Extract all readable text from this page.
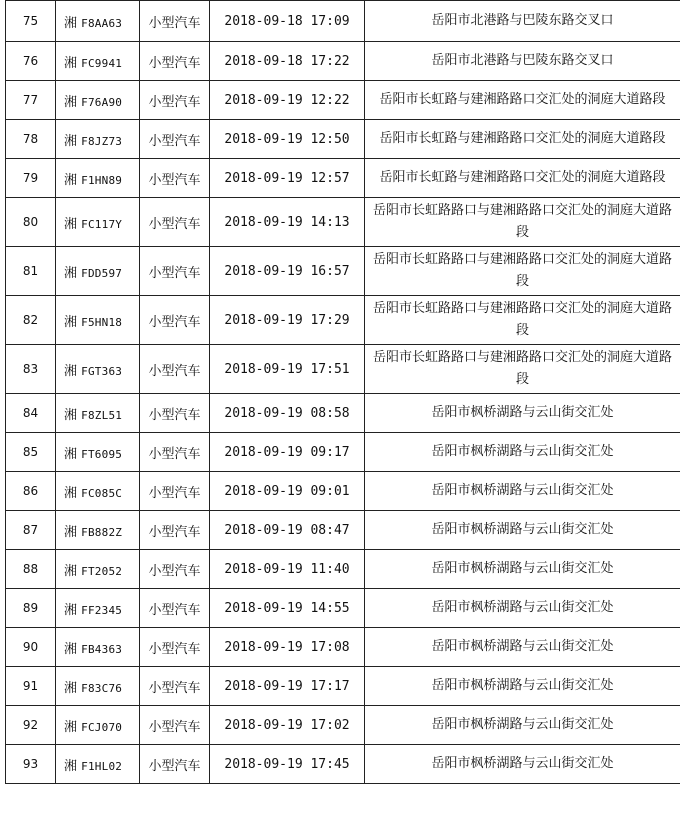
75	湘 F8AA63	小型汽车	2018-09-18 17:09	岳阳市北港路与巴陵东路交叉口
76	湘 FC9941	小型汽车	2018-09-18 17:22	岳阳市北港路与巴陵东路交叉口
77	湘 F76A90	小型汽车	2018-09-19 12:22	岳阳市长虹路与建湘路路口交汇处的洞庭大道路段
78	湘 F8JZ73	小型汽车	2018-09-19 12:50	岳阳市长虹路与建湘路路口交汇处的洞庭大道路段
79	湘 F1HN89	小型汽车	2018-09-19 12:57	岳阳市长虹路与建湘路路口交汇处的洞庭大道路段
80	湘 FC117Y	小型汽车	2018-09-19 14:13	岳阳市长虹路路口与建湘路路口交汇处的洞庭大道路段
81	湘 FDD597	小型汽车	2018-09-19 16:57	岳阳市长虹路路口与建湘路路口交汇处的洞庭大道路段
82	湘 F5HN18	小型汽车	2018-09-19 17:29	岳阳市长虹路路口与建湘路路口交汇处的洞庭大道路段
83	湘 FGT363	小型汽车	2018-09-19 17:51	岳阳市长虹路路口与建湘路路口交汇处的洞庭大道路段
84	湘 F8ZL51	小型汽车	2018-09-19 08:58	岳阳市枫桥湖路与云山街交汇处
85	湘 FT6095	小型汽车	2018-09-19 09:17	岳阳市枫桥湖路与云山街交汇处
86	湘 FC085C	小型汽车	2018-09-19 09:01	岳阳市枫桥湖路与云山街交汇处
87	湘 FB882Z	小型汽车	2018-09-19 08:47	岳阳市枫桥湖路与云山街交汇处
88	湘 FT2052	小型汽车	2018-09-19 11:40	岳阳市枫桥湖路与云山街交汇处
89	湘 FF2345	小型汽车	2018-09-19 14:55	岳阳市枫桥湖路与云山街交汇处
90	湘 FB4363	小型汽车	2018-09-19 17:08	岳阳市枫桥湖路与云山街交汇处
91	湘 F83C76	小型汽车	2018-09-19 17:17	岳阳市枫桥湖路与云山街交汇处
92	湘 FCJ070	小型汽车	2018-09-19 17:02	岳阳市枫桥湖路与云山街交汇处
93	湘 F1HL02	小型汽车	2018-09-19 17:45	岳阳市枫桥湖路与云山街交汇处
